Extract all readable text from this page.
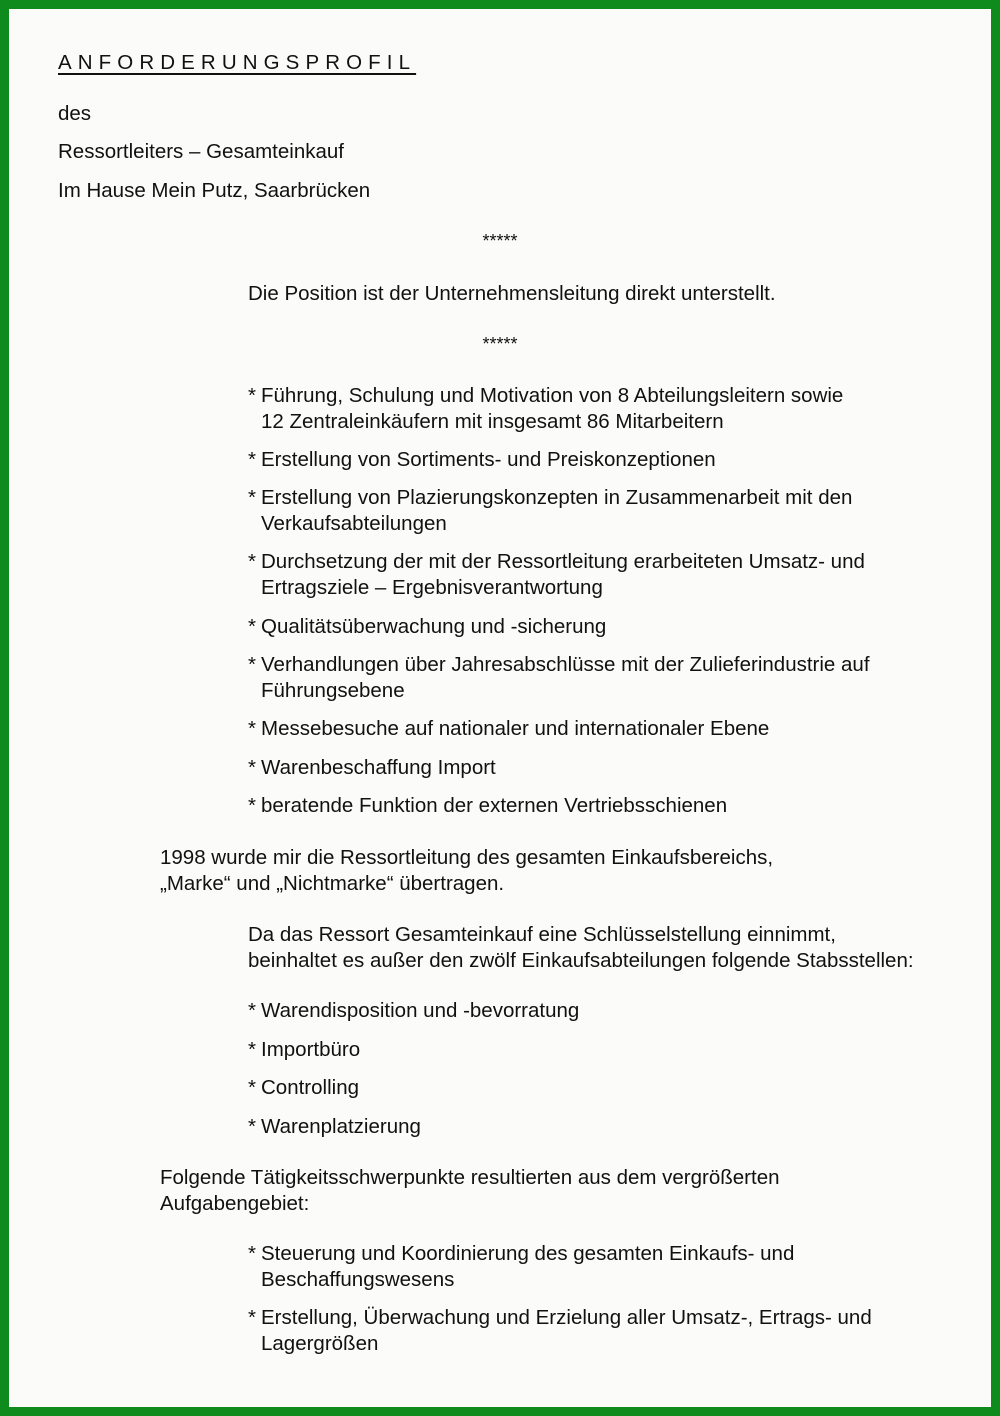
ANFORDERUNGSPROFIL
des
Ressortleiters – Gesamteinkauf
Im Hause Mein Putz, Saarbrücken
*****
Die Position ist der Unternehmensleitung direkt unterstellt.
*****
* Führung, Schulung und Motivation von 8 Abteilungsleitern sowie
12 Zentraleinkäufern mit insgesamt 86 Mitarbeitern
* Erstellung von Sortiments- und Preiskonzeptionen
* Erstellung von Plazierungskonzepten in Zusammenarbeit mit den
Verkaufsabteilungen
* Durchsetzung der mit der Ressortleitung erarbeiteten Umsatz- und
Ertragsziele – Ergebnisverantwortung
* Qualitätsüberwachung und -sicherung
* Verhandlungen über Jahresabschlüsse mit der Zulieferindustrie auf
Führungsebene
* Messebesuche auf nationaler und internationaler Ebene
* Warenbeschaffung Import
* beratende Funktion der externen Vertriebsschienen
1998 wurde mir die Ressortleitung des gesamten Einkaufsbereichs,
„Marke“ und „Nichtmarke“ übertragen.
Da das Ressort Gesamteinkauf eine Schlüsselstellung einnimmt,
beinhaltet es außer den zwölf Einkaufsabteilungen folgende Stabsstellen:
* Warendisposition und -bevorratung
* Importbüro
* Controlling
* Warenplatzierung
Folgende Tätigkeitsschwerpunkte resultierten aus dem vergrößerten
Aufgabengebiet:
* Steuerung und Koordinierung des gesamten Einkaufs- und
Beschaffungswesens
* Erstellung, Überwachung und Erzielung aller Umsatz-, Ertrags- und
Lagergrößen
